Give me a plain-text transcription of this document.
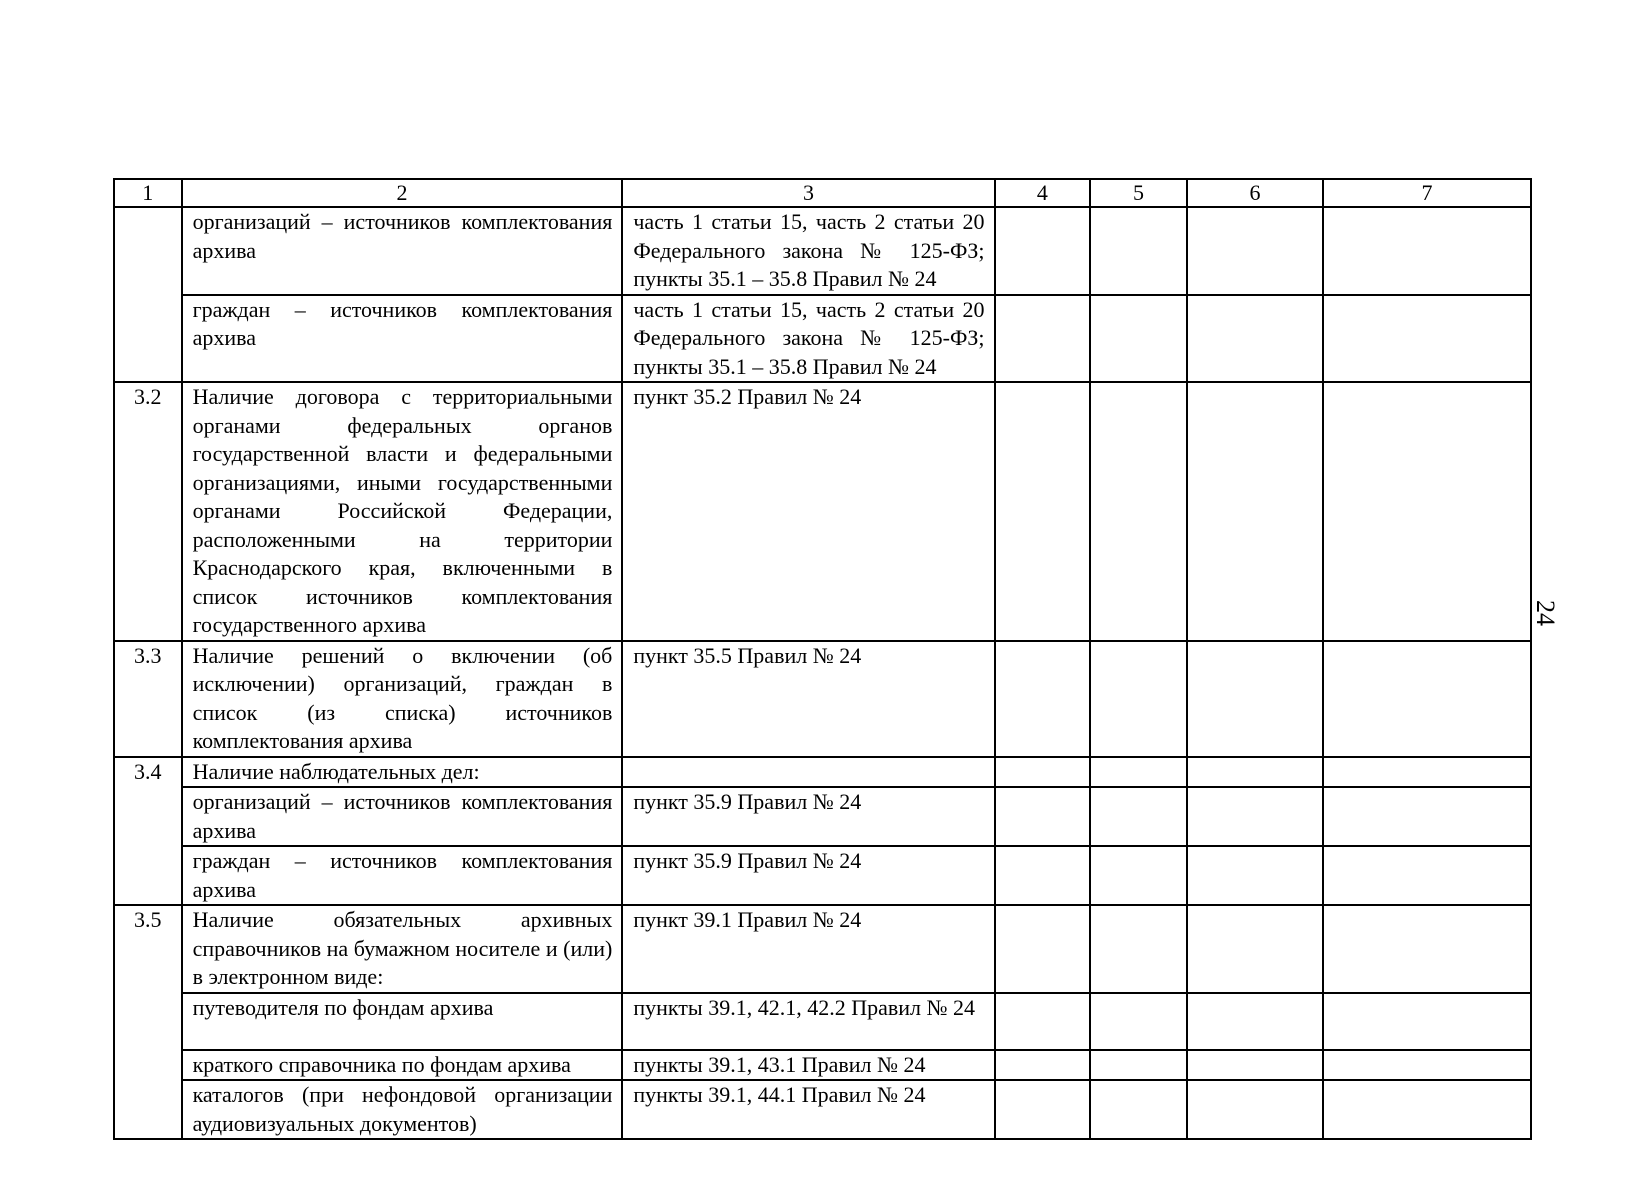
24
1	2	3	4	5	6	7

	организаций – источников комплектования архива	часть 1 статьи 15, часть 2 статьи 20 Федерального закона № 125-ФЗ; пункты 35.1 – 35.8 Правил № 24				

	граждан – источников комплектования архива	часть 1 статьи 15, часть 2 статьи 20 Федерального закона № 125-ФЗ; пункты 35.1 – 35.8 Правил № 24				

3.2	Наличие договора с территориальными органами федеральных органов государственной власти и федеральными организациями, иными государственными органами Российской Федерации, расположенными на территории Краснодарского края, включенными в список источников комплектования государственного архива	пункт 35.2 Правил № 24				

3.3	Наличие решений о включении (об исключении) организаций, граждан в список (из списка) источников комплектования архива	пункт 35.5 Правил № 24				

3.4	Наличие наблюдательных дел:					

	организаций – источников комплектования архива	пункт 35.9 Правил № 24				

	граждан – источников комплектования архива	пункт 35.9 Правил № 24				

3.5	Наличие обязательных архивных справочников на бумажном носителе и (или) в электронном виде:	пункт 39.1 Правил № 24				

	путеводителя по фондам архива	пункты 39.1, 42.1, 42.2 Правил № 24				

	краткого справочника по фондам архива	пункты 39.1, 43.1 Правил № 24				

	каталогов (при нефондовой организации аудиовизуальных документов)	пункты 39.1, 44.1 Правил № 24				
